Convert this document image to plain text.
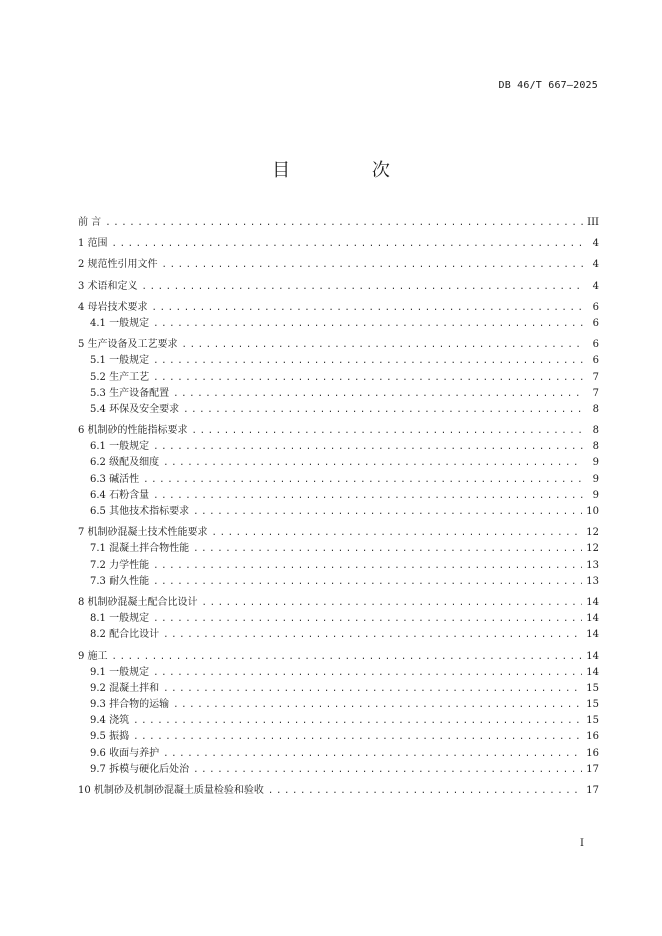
DB 46/T 667—2025
目 次
前 言 . . .	III
1 范围 . . .	4
2 规范性引用文件 . . .	4
3 术语和定义 . . .	4
4 母岩技术要求 . . .	6
4.1 一般规定 . . .	6
5 生产设备及工艺要求 . . .	6
5.1 一般规定 . . .	6
5.2 生产工艺 . . .	7
5.3 生产设备配置 . . .	7
5.4 环保及安全要求 . . .	8
6 机制砂的性能指标要求 . . .	8
6.1 一般规定 . . .	8
6.2 级配及细度 . . .	9
6.3 碱活性 . . .	9
6.4 石粉含量 . . .	9
6.5 其他技术指标要求 . . .	10
7 机制砂混凝土技术性能要求 . . .	12
7.1 混凝土拌合物性能 . . .	12
7.2 力学性能 . . .	13
7.3 耐久性能 . . .	13
8 机制砂混凝土配合比设计 . . .	14
8.1 一般规定 . . .	14
8.2 配合比设计 . . .	14
9 施工 . . .	14
9.1 一般规定 . . .	14
9.2 混凝土拌和 . . .	15
9.3 拌合物的运输 . . .	15
9.4 浇筑 . . .	15
9.5 振捣 . . .	16
9.6 收面与养护 . . .	16
9.7 拆模与硬化后处治 . . .	17
10 机制砂及机制砂混凝土质量检验和验收 . . .	17
I
